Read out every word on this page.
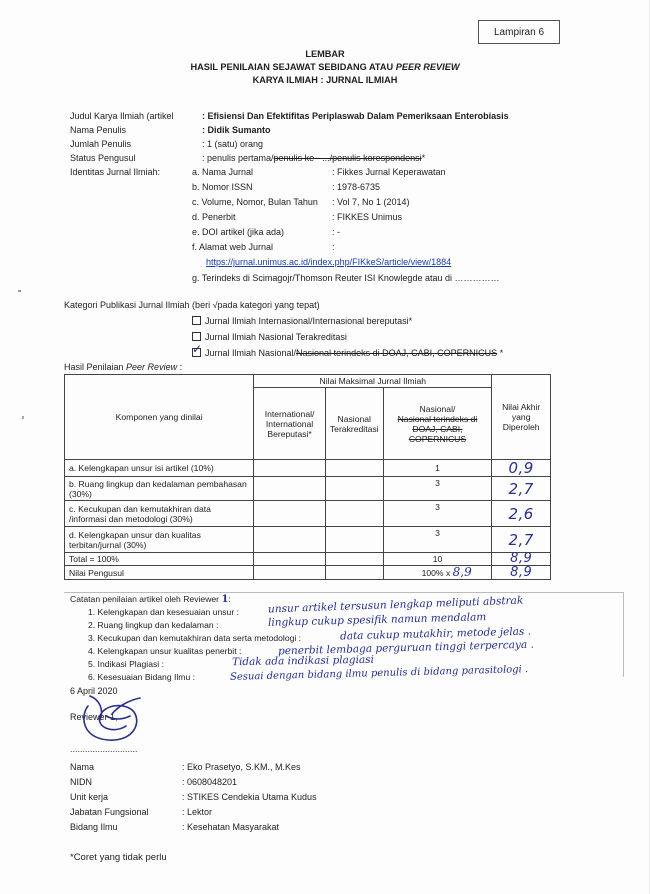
Lampiran 6
LEMBAR
HASIL PENILAIAN SEJAWAT SEBIDANG ATAU PEER REVIEW
KARYA ILMIAH : JURNAL ILMIAH
Judul Karya Ilmiah (artikel	: Efisiensi Dan Efektifitas Periplaswab Dalam Pemeriksaan Enterobiasis
Nama Penulis	: Didik Sumanto
Jumlah Penulis	: 1 (satu) orang
Status Pengusul	: penulis pertama/penulis ke - .../penulis korespondensi*
Identitas Jurnal Ilmiah:	a. Nama Jurnal	: Fikkes Jurnal Keperawatan
b. Nomor ISSN	: 1978-6735
c. Volume, Nomor, Bulan Tahun : Vol 7, No 1 (2014)
d. Penerbit	: FIKKES Unimus
e. DOI artikel (jika ada)	: -
f. Alamat web Jurnal	:
https://jurnal.unimus.ac.id/index.php/FIKkeS/article/view/1884
g. Terindeks di Scimagojr/Thomson Reuter ISI Knowlegde atau di ……………
Kategori Publikasi Jurnal Ilmiah (beri √pada kategori yang tepat)
Jurnal Ilmiah Internasional/Internasional bereputasi*
Jurnal Ilmiah Nasional Terakreditasi
✓ Jurnal Ilmiah Nasional/Nasional terindeks di DOAJ, CABI, COPERNICUS *
Hasil Penilaian Peer Review :
Komponen yang dinilai	Nilai Maksimal Jurnal Ilmiah			Nilai Akhir yang Diperoleh
	International/ International Bereputasi*	Nasional Terakreditasi	Nasional/
Nasional terindeks di DOAJ, CABI, COPERNICUS	
a. Kelengkapan unsur isi artikel (10%)			1	0,9
b. Ruang lingkup dan kedalaman pembahasan (30%)			3	2,7
c. Kecukupan dan kemutakhiran data /informasi dan metodologi (30%)			3	2,6
d. Kelengkapan unsur dan kualitas terbitan/jurnal (30%)			3	2,7
Total = 100%			10	8,9
Nilai Pengusul			100% x 8,9	8,9
Catatan penilaian artikel oleh Reviewer 1:
1. Kelengkapan dan kesesuaian unsur :	unsur artikel tersusun lengkap meliputi abstrak
2. Ruang lingkup dan kedalaman :	lingkup cukup spesifik namun mendalam
3. Kecukupan dan kemutakhiran data serta metodologi :	data cukup mutakhir, metode jelas .
4. Kelengkapan unsur kualitas penerbit :	penerbit lembaga perguruan tinggi terpercaya .
5. Indikasi Plagiasi :	Tidak ada indikasi plagiasi
6. Kesesuaian Bidang Ilmu :	Sesuai dengan bidang ilmu penulis di bidang parasitologi .
6 April 2020
Reviewer 1,
...........................
Nama	: Eko Prasetyo, S.KM., M.Kes
NIDN	: 0608048201
Unit kerja	: STIKES Cendekia Utama Kudus
Jabatan Fungsional	: Lektor
Bidang Ilmu	: Kesehatan Masyarakat
*Coret yang tidak perlu
